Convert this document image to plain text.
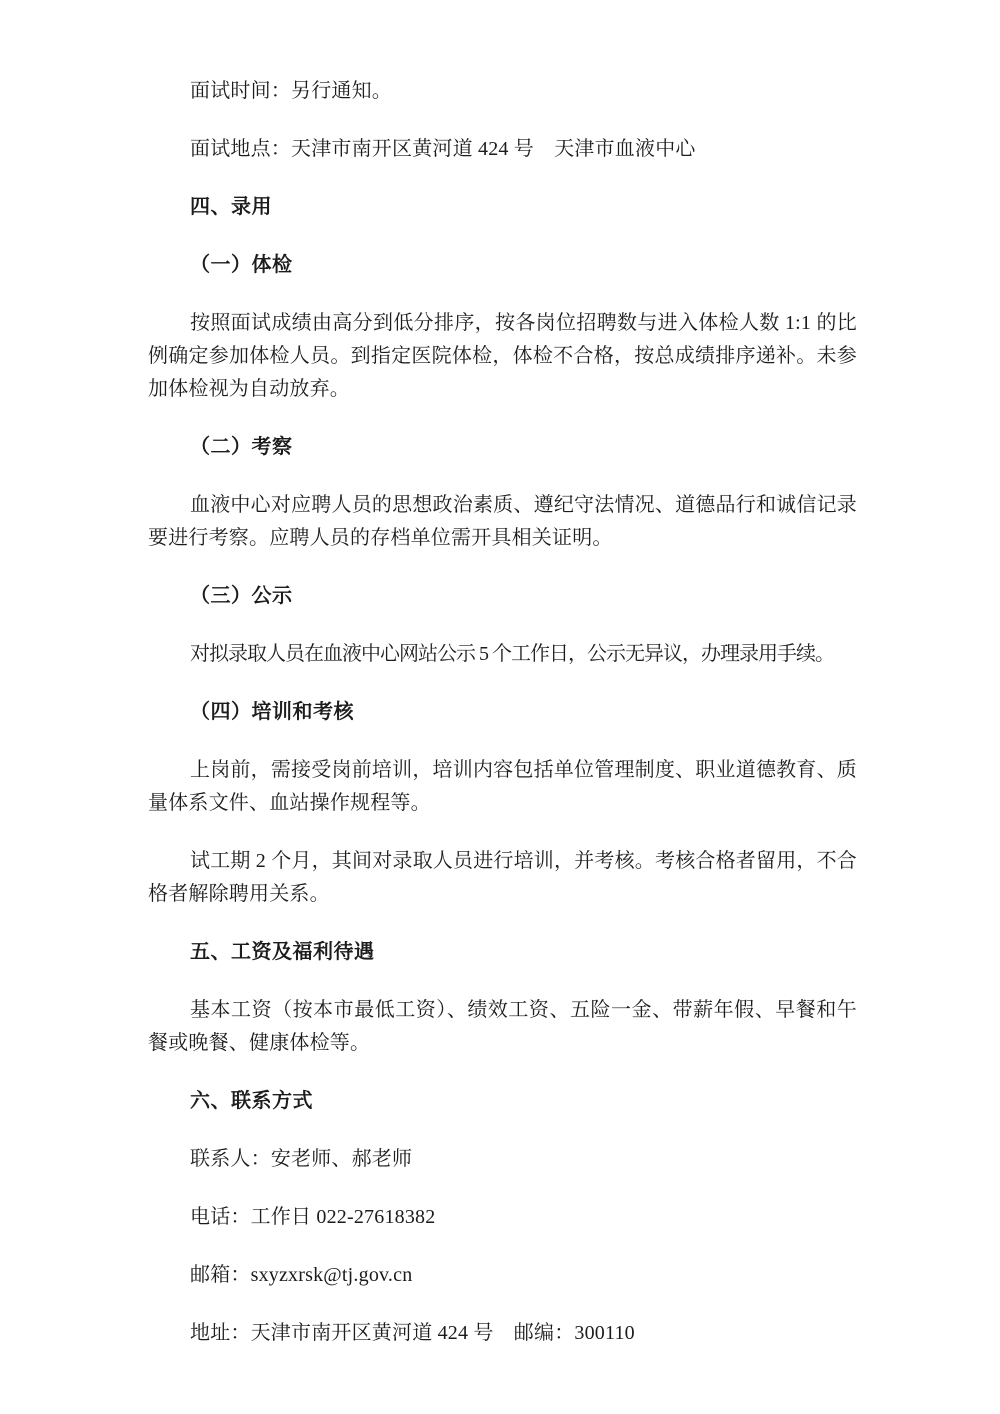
面试时间：另行通知。

面试地点：天津市南开区黄河道 424 号　天津市血液中心

四、录用

（一）体检

按照面试成绩由高分到低分排序，按各岗位招聘数与进入体检人数 1:1 的比例确定参加体检人员。到指定医院体检，体检不合格，按总成绩排序递补。未参加体检视为自动放弃。

（二）考察

血液中心对应聘人员的思想政治素质、遵纪守法情况、道德品行和诚信记录要进行考察。应聘人员的存档单位需开具相关证明。

（三）公示

对拟录取人员在血液中心网站公示 5 个工作日，公示无异议，办理录用手续。

（四）培训和考核

上岗前，需接受岗前培训，培训内容包括单位管理制度、职业道德教育、质量体系文件、血站操作规程等。

试工期 2 个月，其间对录取人员进行培训，并考核。考核合格者留用，不合格者解除聘用关系。

五、工资及福利待遇

基本工资（按本市最低工资）、绩效工资、五险一金、带薪年假、早餐和午餐或晚餐、健康体检等。

六、联系方式

联系人：安老师、郝老师

电话：工作日 022-27618382

邮箱：sxyzxrsk@tj.gov.cn

地址：天津市南开区黄河道 424 号　邮编：300110
